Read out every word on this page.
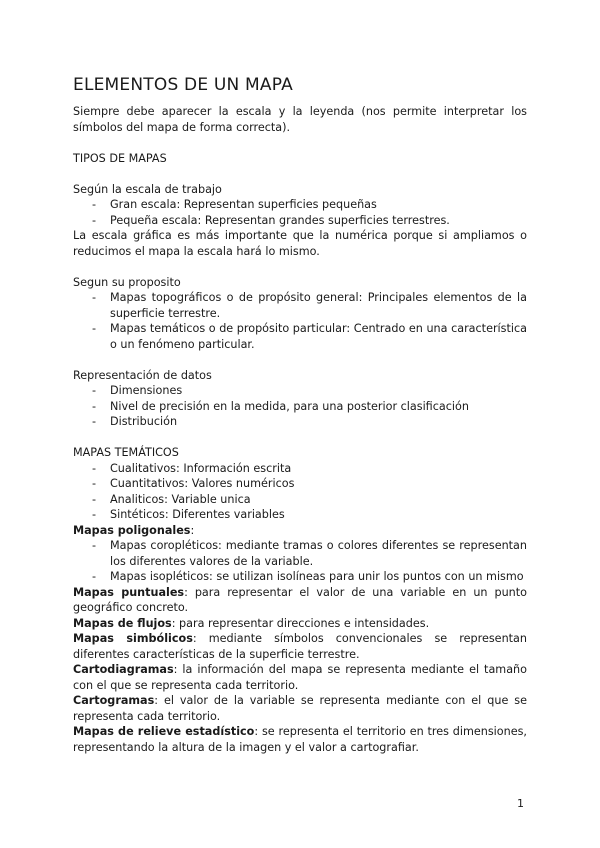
ELEMENTOS DE UN MAPA

Siempre debe aparecer la escala y la leyenda (nos permite interpretar los símbolos del mapa de forma correcta).

TIPOS DE MAPAS

Según la escala de trabajo

- Gran escala: Representan superficies pequeñas
- Pequeña escala: Representan grandes superficies terrestres.

La escala gráfica es más importante que la numérica porque si ampliamos o reducimos el mapa la escala hará lo mismo.

Segun su proposito

- Mapas topográficos o de propósito general: Principales elementos de la superficie terrestre.
- Mapas temáticos o de propósito particular: Centrado en una característica o un fenómeno particular.

Representación de datos

- Dimensiones
- Nivel de precisión en la medida, para una posterior clasificación
- Distribución

MAPAS TEMÁTICOS

- Cualitativos: Información escrita
- Cuantitativos: Valores numéricos
- Analiticos: Variable unica
- Sintéticos: Diferentes variables

Mapas poligonales:

- Mapas coropléticos: mediante tramas o colores diferentes se representan los diferentes valores de la variable.
- Mapas isopléticos: se utilizan isolíneas para unir los puntos con un mismo

Mapas puntuales: para representar el valor de una variable en un punto geográfico concreto.

Mapas de flujos: para representar direcciones e intensidades.

Mapas simbólicos: mediante símbolos convencionales se representan diferentes características de la superficie terrestre.

Cartodiagramas: la información del mapa se representa mediante el tamaño con el que se representa cada territorio.

Cartogramas: el valor de la variable se representa mediante con el que se representa cada territorio.

Mapas de relieve estadístico: se representa el territorio en tres dimensiones, representando la altura de la imagen y el valor a cartografiar.

1
